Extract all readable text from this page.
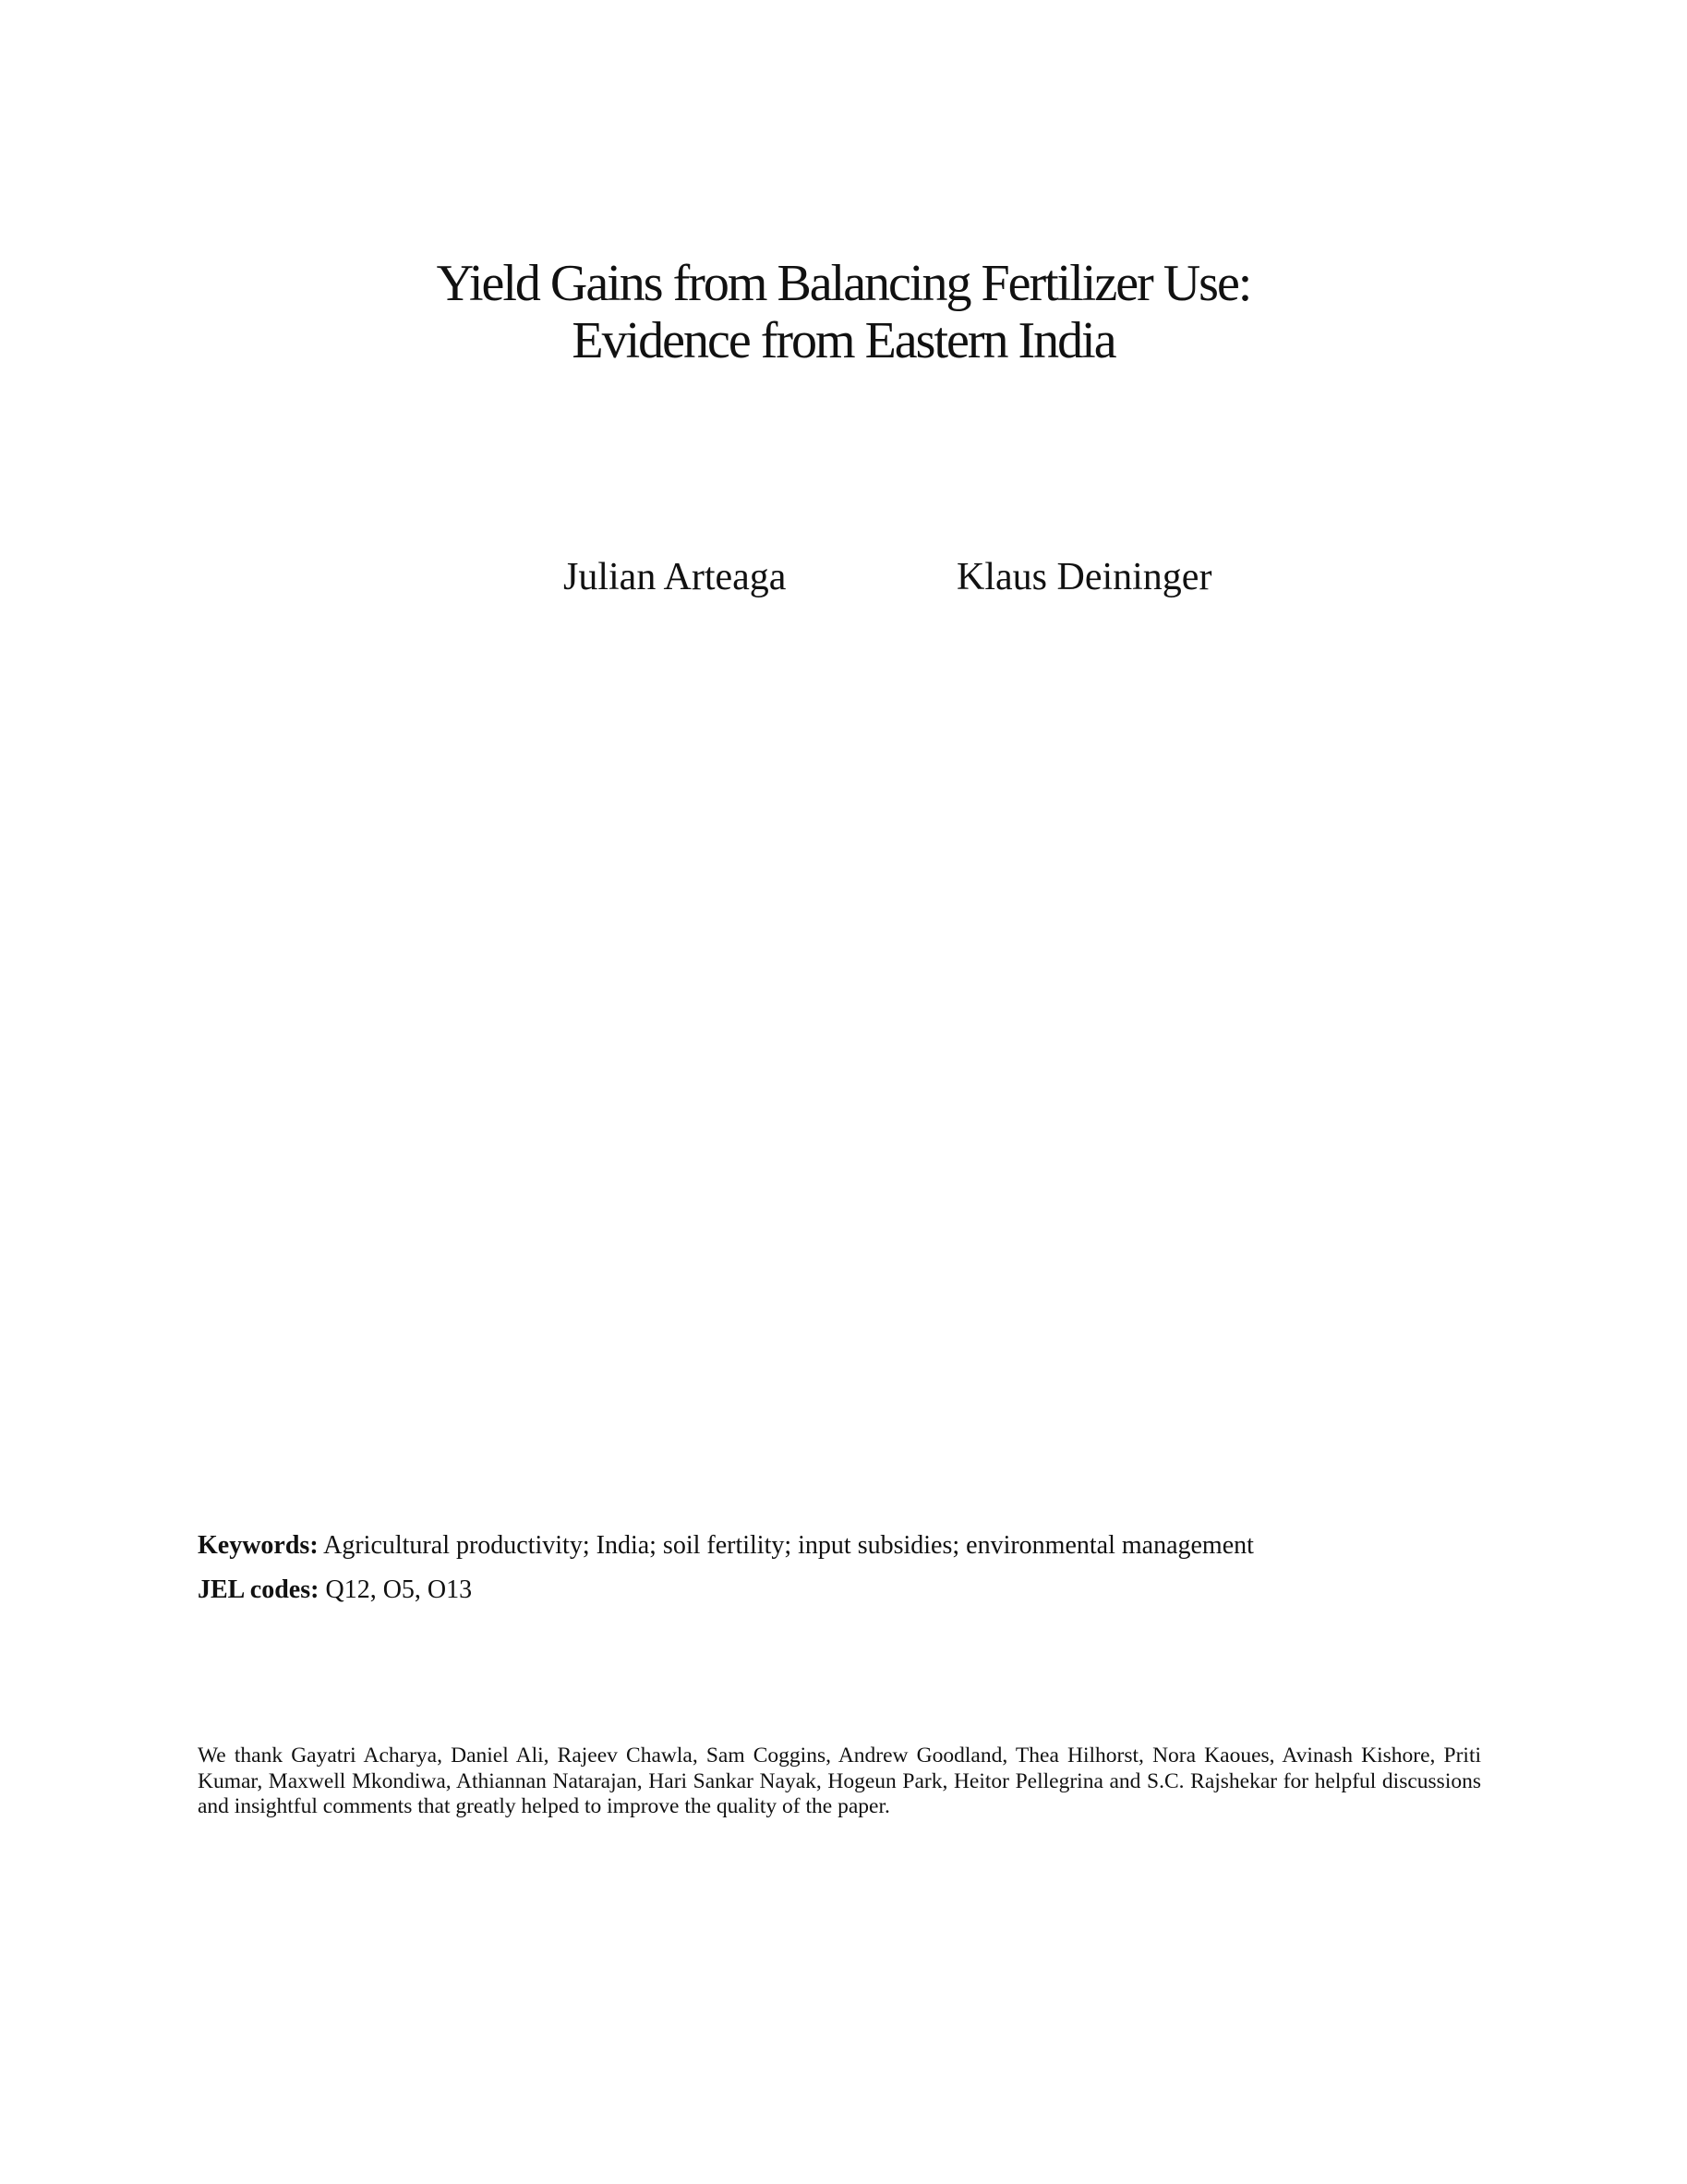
Yield Gains from Balancing Fertilizer Use:
Evidence from Eastern India
Julian Arteaga	Klaus Deininger
Keywords: Agricultural productivity; India; soil fertility; input subsidies; environmental management
JEL codes: Q12, O5, O13
We thank Gayatri Acharya, Daniel Ali, Rajeev Chawla, Sam Coggins, Andrew Goodland, Thea Hilhorst, Nora Kaoues, Avinash Kishore, Priti Kumar, Maxwell Mkondiwa, Athiannan Natarajan, Hari Sankar Nayak, Hogeun Park, Heitor Pellegrina and S.C. Rajshekar for helpful discussions and insightful comments that greatly helped to improve the quality of the paper.
